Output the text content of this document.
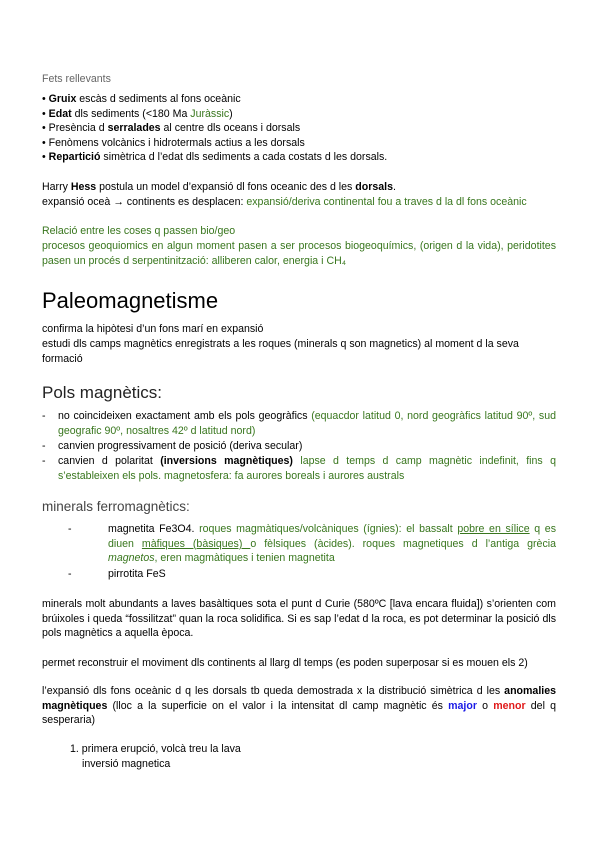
Fets rellevants
• Gruix escàs d sediments al fons oceànic
• Edat dls sediments (<180 Ma Juràssic)
• Presència d serralades al centre dls oceans i dorsals
• Fenòmens volcànics i hidrotermals actius a les dorsals
• Repartició simètrica d l’edat dls sediments a cada costats d les dorsals.
Harry Hess postula un model d’expansió dl fons oceanic des d les dorsals.
expansió oceà → continents es desplacen: expansió/deriva continental fou a traves d la dl fons oceànic
Relació entre les coses q passen bio/geo
procesos geoquiomics en algun moment pasen a ser procesos biogeoquímics, (origen d la vida), peridotites pasen un procés d serpentinització: alliberen calor, energia i CH₄
Paleomagnetisme
confirma la hipòtesi d’un fons marí en expansió
estudi dls camps magnètics enregistrats a les roques (minerals q son magnetics) al moment d la seva formació
Pols magnètics:
- no coincideixen exactament amb els pols geogràfics (equacdor latitud 0, nord geogràfics latitud 90º, sud geografic 90º, nosaltres 42º d latitud nord)
- canvien progressivament de posició (deriva secular)
- canvien d polaritat (inversions magnètiques) lapse d temps d camp magnètic indefinit, fins q s’estableixen els pols. magnetosfera: fa aurores boreals i aurores australs
minerals ferromagnètics:
-	magnetita Fe3O4. roques magmàtiques/volcàniques (ígnies): el bassalt pobre en sílice q es diuen màfiques (bàsiques) o fèlsiques (àcides). roques magnetiques d l’antiga grècia magnetos, eren magmàtiques i tenien magnetita
-	pirrotita FeS
minerals molt abundants a laves basàltiques sota el punt d Curie (580ºC [lava encara fluida]) s’orienten com brúixoles i queda “fossilitzat” quan la roca solidifica. Si es sap l’edat d la roca, es pot determinar la posició dls pols magnètics a aquella època.
permet reconstruir el moviment dls continents al llarg dl temps (es poden superposar si es mouen els 2)
l’expansió dls fons oceànic d q les dorsals tb queda demostrada x la distribució simètrica d les anomalies magnètiques (lloc a la superficie on el valor i la intensitat dl camp magnètic és major o menor del q sesperaria)
1. primera erupció, volcà treu la lava
inversió magnetica
